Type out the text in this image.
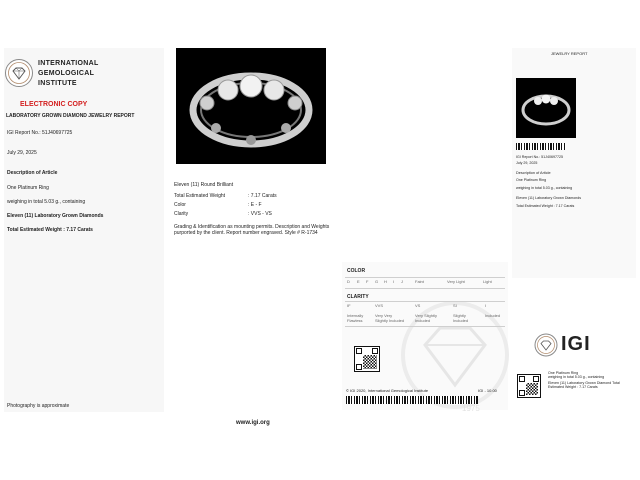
INTERNATIONAL
GEMOLOGICAL
INSTITUTE
ELECTRONIC COPY
LABORATORY GROWN DIAMOND JEWELRY REPORT
IGI Report No.: 51J40697725
July 29, 2025
Description of Article
One Platinum Ring
weighing in total 5.03 g., containing
Eleven (11) Laboratory Grown Diamonds
Total Estimated Weight : 7.17 Carats
Photography is approximate
Eleven (11) Round Brilliant
Total Estimated Weight	: 7.17 Carats
Color	: E - F
Clarity	: VVS - VS
Grading & Identification as mounting permits. Description and Weights purported by the client. Report number engraved. Style # R-1734
www.igi.org
1975
COLOR
D E F G H I J	Faint	Very Light	Light
CLARITY
IF	VVS	VS	SI	I
Internally Flawless
Very Very Slightly Included
Very Slightly Included
Slightly Included
Included
© IGI 2020, International Gemological Institute	IGI - 10.00
JEWELRY REPORT
IGI Report No.: 51J40697725
July 29, 2025
Description of Article
One Platinum Ring
weighing in total 5.03 g., containing
Eleven (11) Laboratory Grown Diamonds
Total Estimated Weight : 7.17 Carats
IGI
One Platinum Ring
weighing in total 5.03 g., containing
Eleven (11) Laboratory Grown Diamond Total
Estimated Weight : 7.17 Carats
